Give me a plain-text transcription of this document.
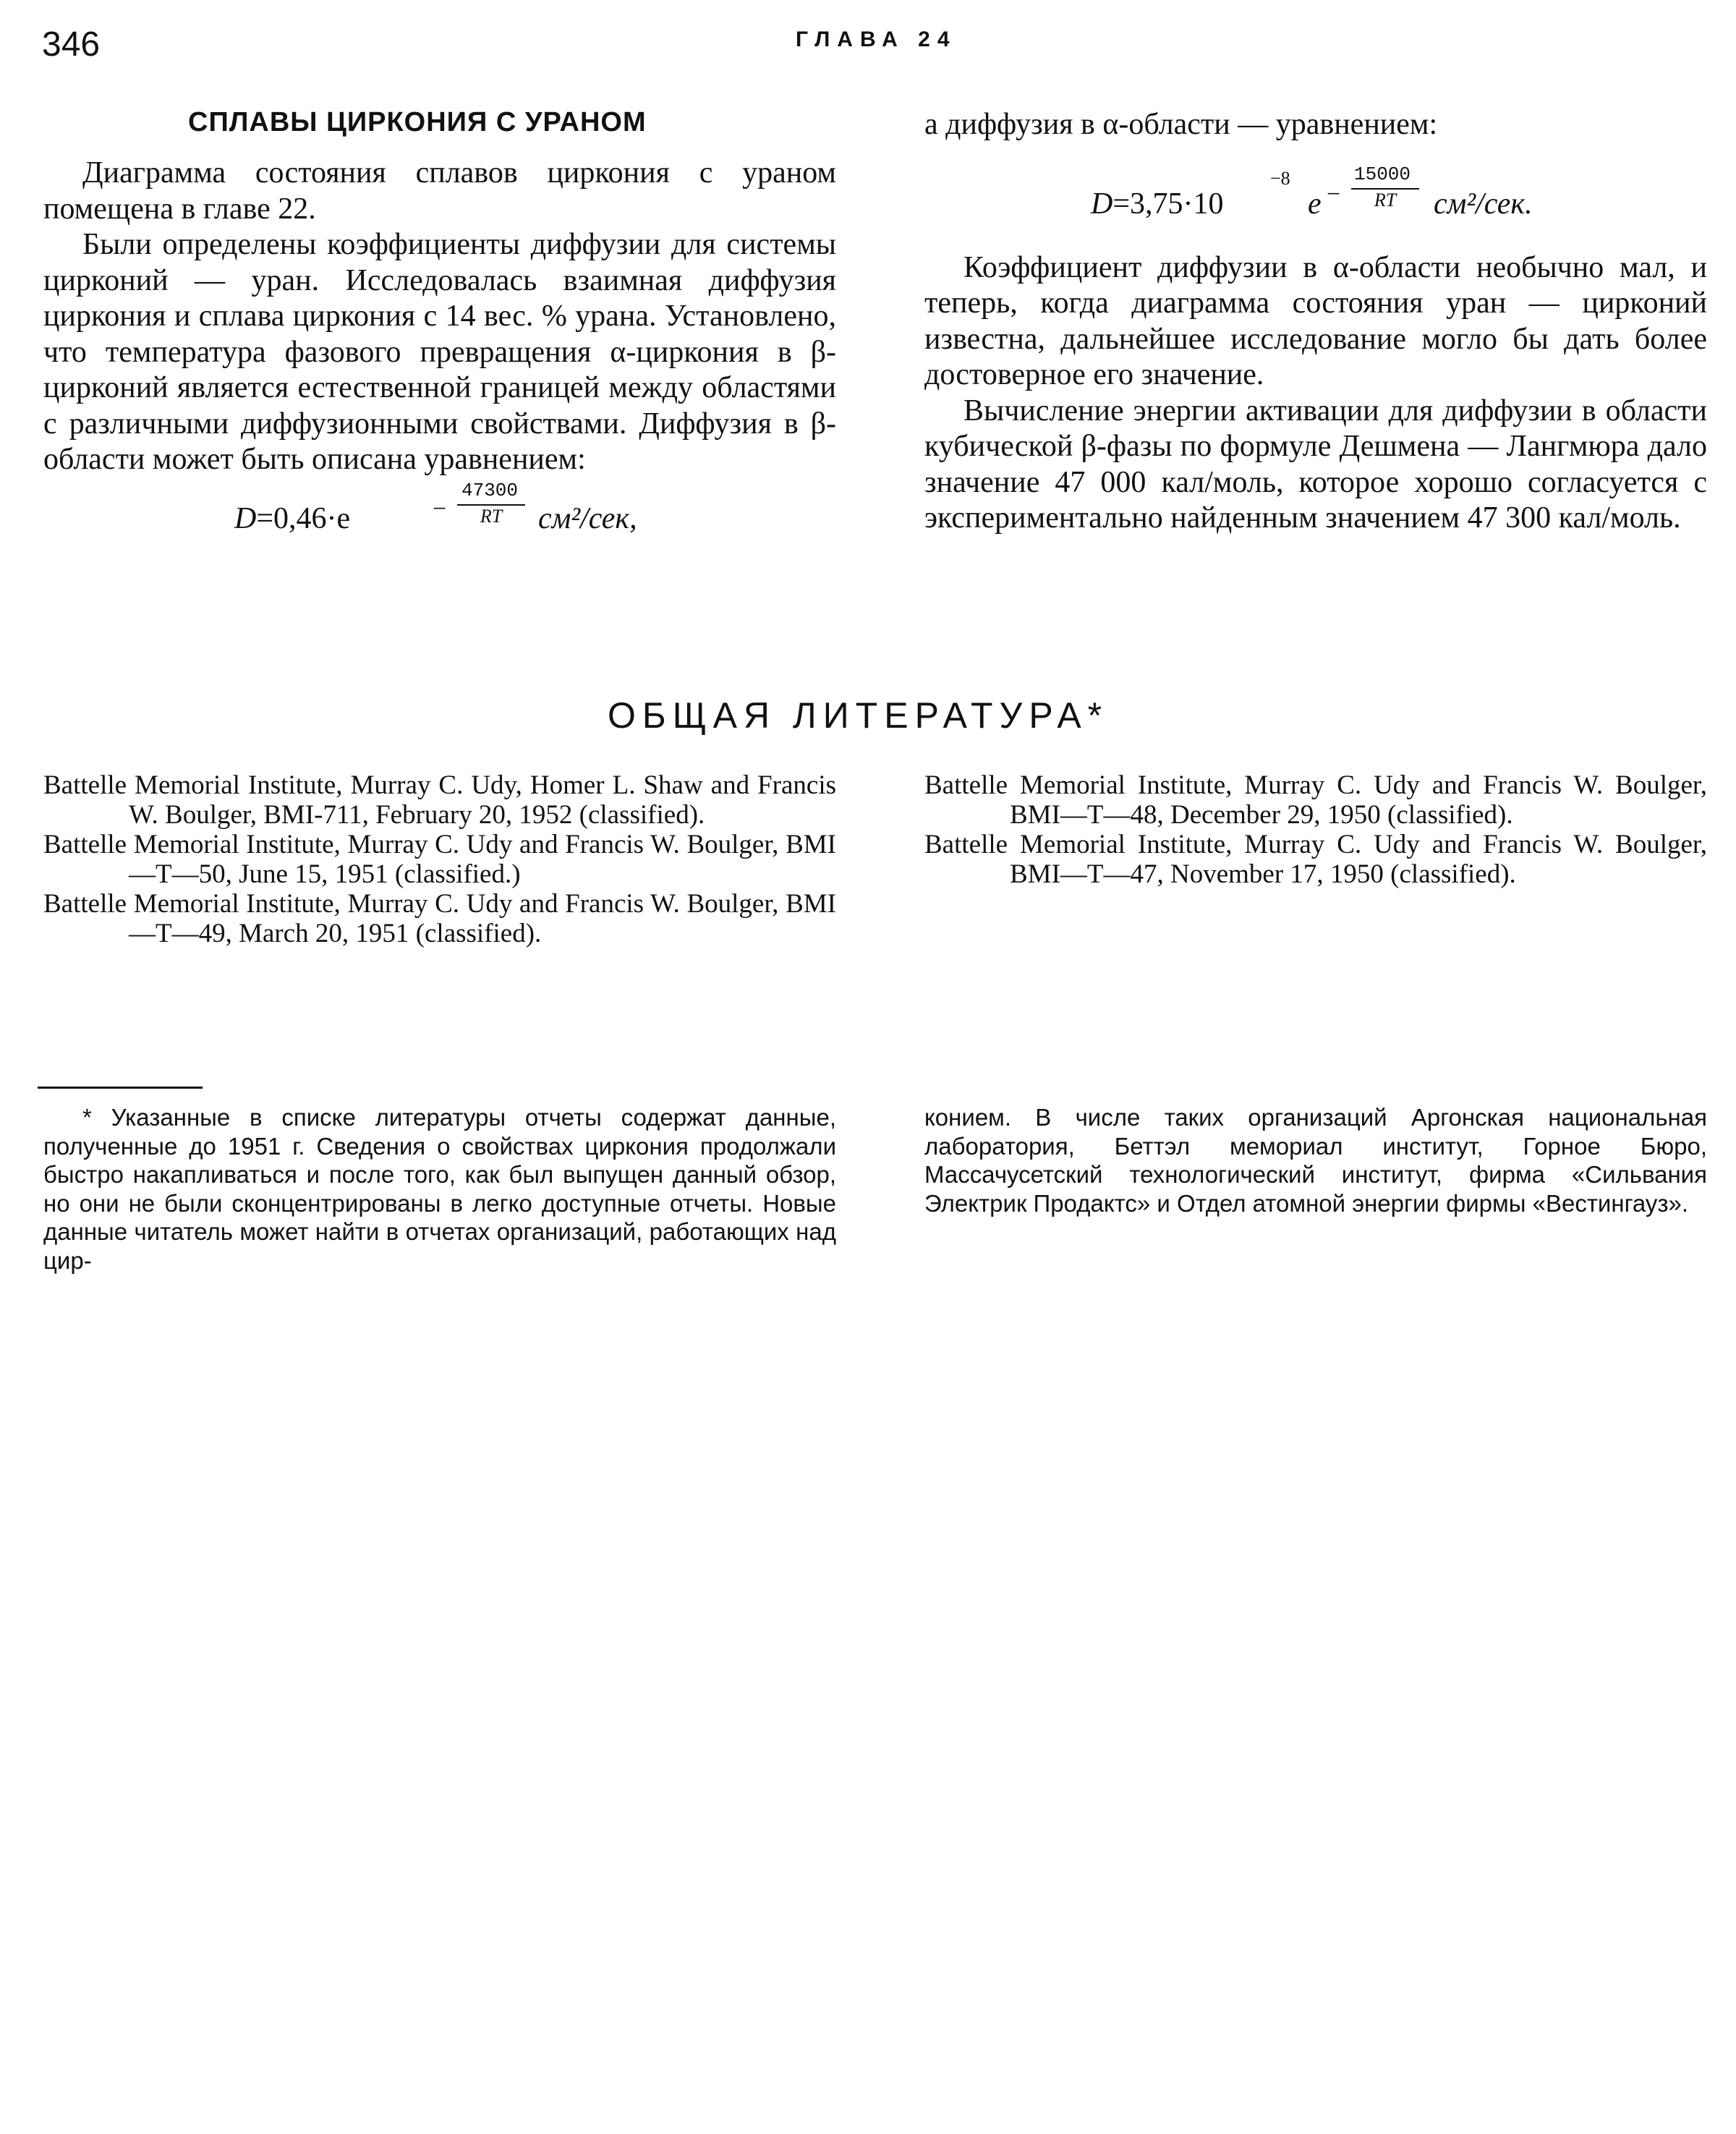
346	ГЛАВА 24
СПЛАВЫ ЦИРКОНИЯ С УРАНОМ

Диаграмма состояния сплавов циркония с ураном помещена в главе 22.

Были определены коэффициенты диффузии для системы цирконий — уран. Исследовалась взаимная диффузия циркония и сплава циркония с 14 вес. % урана. Установлено, что температура фазового превращения α-циркония в β-цирконий является естественной границей между областями с различными диффузионными свойствами. Диффузия в β-области может быть описана уравнением:

D=0,46·e	−
47300
RT	см²/сек,

а диффузия в α-области — уравнением:

D=3,75·10
−8
e −
15000
RT	см²/сек.

Коэффициент диффузии в α-области необычно мал, и теперь, когда диаграмма состояния уран — цирконий известна, дальнейшее исследование могло бы дать более достоверное его значение.

Вычисление энергии активации для диффузии в области кубической β-фазы по формуле Дешмена — Лангмюра дало значение 47 000 кал/моль, которое хорошо согласуется с экспериментально найденным значением 47 300 кал/моль.

ОБЩАЯ ЛИТЕРАТУРА*

Battelle Memorial Institute, Murray C. Udy, Homer L. Shaw and Francis W. Boulger, BMI-711, February 20, 1952 (classified).

Battelle Memorial Institute, Murray C. Udy and Francis W. Boulger, BMI—T—50, June 15, 1951 (classified.)

Battelle Memorial Institute, Murray C. Udy and Francis W. Boulger, BMI—T—49, March 20, 1951 (classified).

Battelle Memorial Institute, Murray C. Udy and Francis W. Boulger, BMI—T—48, December 29, 1950 (classified).

Battelle Memorial Institute, Murray C. Udy and Francis W. Boulger, BMI—T—47, November 17, 1950 (classified).

* Указанные в списке литературы отчеты содержат данные, полученные до 1951 г. Сведения о свойствах циркония продолжали быстро накапливаться и после того, как был выпущен данный обзор, но они не были сконцентрированы в легко доступные отчеты. Новые данные читатель может найти в отчетах организаций, работающих над цир-

конием. В числе таких организаций Аргонская национальная лаборатория, Беттэл мемориал институт, Горное Бюро, Массачусетский технологический институт, фирма «Сильвания Электрик Продактс» и Отдел атомной энергии фирмы «Вестингауз».
